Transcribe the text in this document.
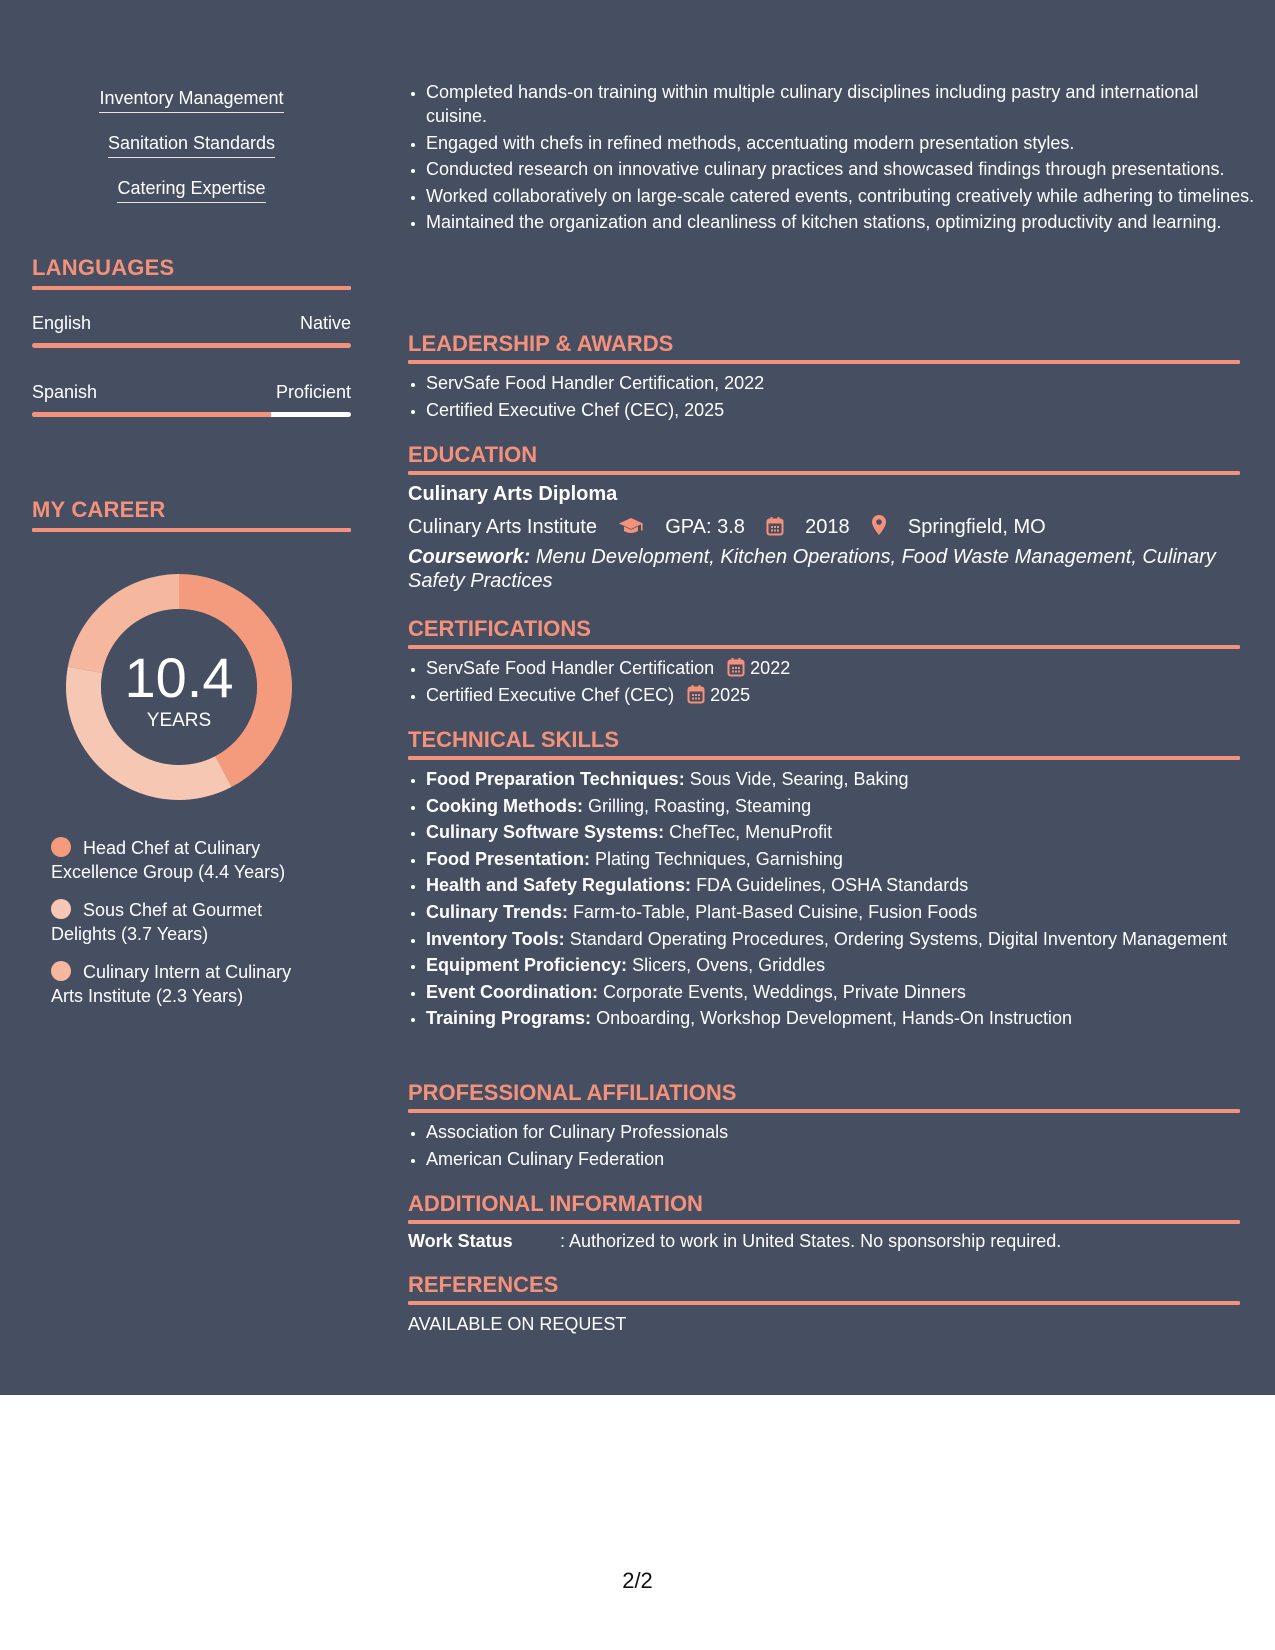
Inventory Management
Sanitation Standards
Catering Expertise
LANGUAGES
English	Native
Spanish	Proficient
MY CAREER
10.4
YEARS
Head Chef at Culinary Excellence Group (4.4 Years)
Sous Chef at Gourmet Delights (3.7 Years)
Culinary Intern at Culinary Arts Institute (2.3 Years)
• Completed hands-on training within multiple culinary disciplines including pastry and international cuisine.
• Engaged with chefs in refined methods, accentuating modern presentation styles.
• Conducted research on innovative culinary practices and showcased findings through presentations.
• Worked collaboratively on large-scale catered events, contributing creatively while adhering to timelines.
• Maintained the organization and cleanliness of kitchen stations, optimizing productivity and learning.
LEADERSHIP & AWARDS
• ServSafe Food Handler Certification, 2022
• Certified Executive Chef (CEC), 2025
EDUCATION
Culinary Arts Diploma
Culinary Arts Institute	GPA: 3.8	2018	Springfield, MO
Coursework: Menu Development, Kitchen Operations, Food Waste Management, Culinary Safety Practices
CERTIFICATIONS
• ServSafe Food Handler Certification 2022
• Certified Executive Chef (CEC) 2025
TECHNICAL SKILLS
• Food Preparation Techniques: Sous Vide, Searing, Baking
• Cooking Methods: Grilling, Roasting, Steaming
• Culinary Software Systems: ChefTec, MenuProfit
• Food Presentation: Plating Techniques, Garnishing
• Health and Safety Regulations: FDA Guidelines, OSHA Standards
• Culinary Trends: Farm-to-Table, Plant-Based Cuisine, Fusion Foods
• Inventory Tools: Standard Operating Procedures, Ordering Systems, Digital Inventory Management
• Equipment Proficiency: Slicers, Ovens, Griddles
• Event Coordination: Corporate Events, Weddings, Private Dinners
• Training Programs: Onboarding, Workshop Development, Hands-On Instruction
PROFESSIONAL AFFILIATIONS
• Association for Culinary Professionals
• American Culinary Federation
ADDITIONAL INFORMATION
Work Status	: Authorized to work in United States. No sponsorship required.
REFERENCES
AVAILABLE ON REQUEST
2/2
